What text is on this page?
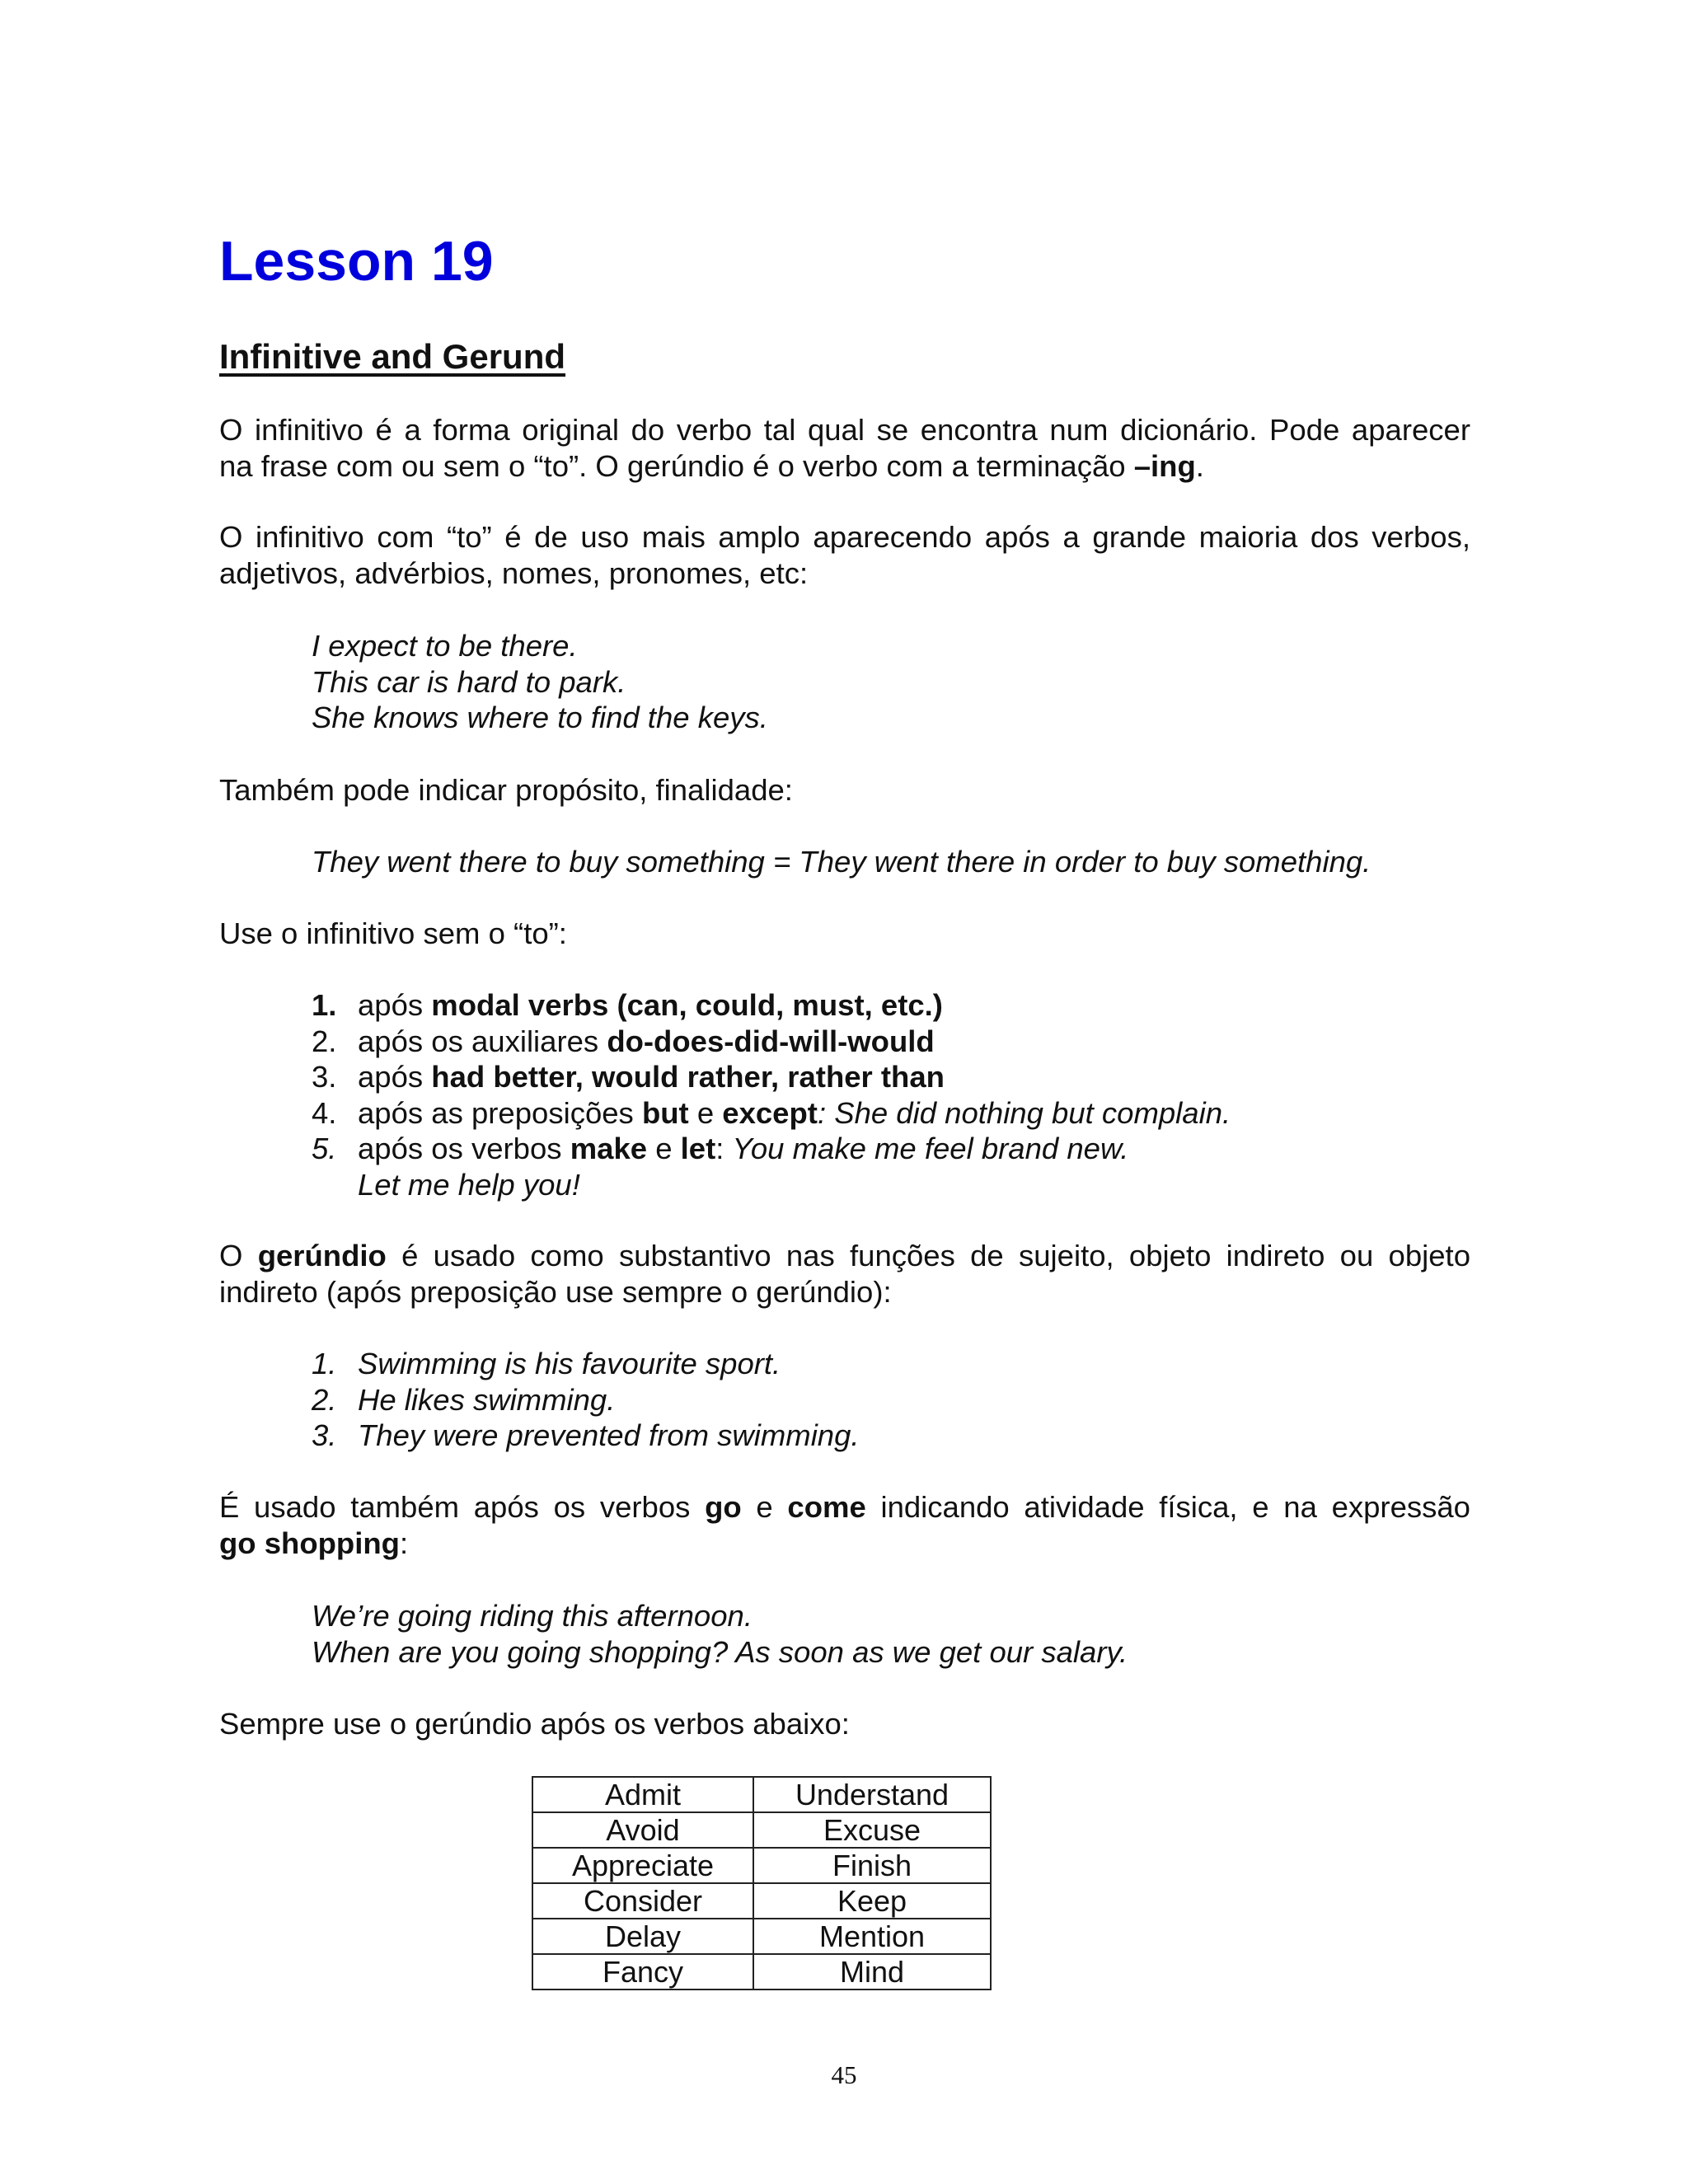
Lesson 19
Infinitive and Gerund

O infinitivo é a forma original do verbo tal qual se encontra num dicionário. Pode aparecer
na frase com ou sem o “to”. O gerúndio é o verbo com a terminação –ing.

O infinitivo com “to” é de uso mais amplo aparecendo após a grande maioria dos verbos,
adjetivos, advérbios, nomes, pronomes, etc:

I expect to be there.
This car is hard to park.
She knows where to find the keys.

Também pode indicar propósito, finalidade:

They went there to buy something = They went there in order to buy something.

Use o infinitivo sem o “to”:

1. após modal verbs (can, could, must, etc.)
2. após os auxiliares do-does-did-will-would
3. após had better, would rather, rather than
4. após as preposições but e except: She did nothing but complain.
5. após os verbos make e let: You make me feel brand new.
Let me help you!

O gerúndio é usado como substantivo nas funções de sujeito, objeto indireto ou objeto
indireto (após preposição use sempre o gerúndio):

1. Swimming is his favourite sport.
2. He likes swimming.
3. They were prevented from swimming.

É usado também após os verbos go e come indicando atividade física, e na expressão
go shopping:

We’re going riding this afternoon.
When are you going shopping? As soon as we get our salary.

Sempre use o gerúndio após os verbos abaixo:

Admit	Understand
Avoid	Excuse
Appreciate	Finish
Consider	Keep
Delay	Mention
Fancy	Mind

45
